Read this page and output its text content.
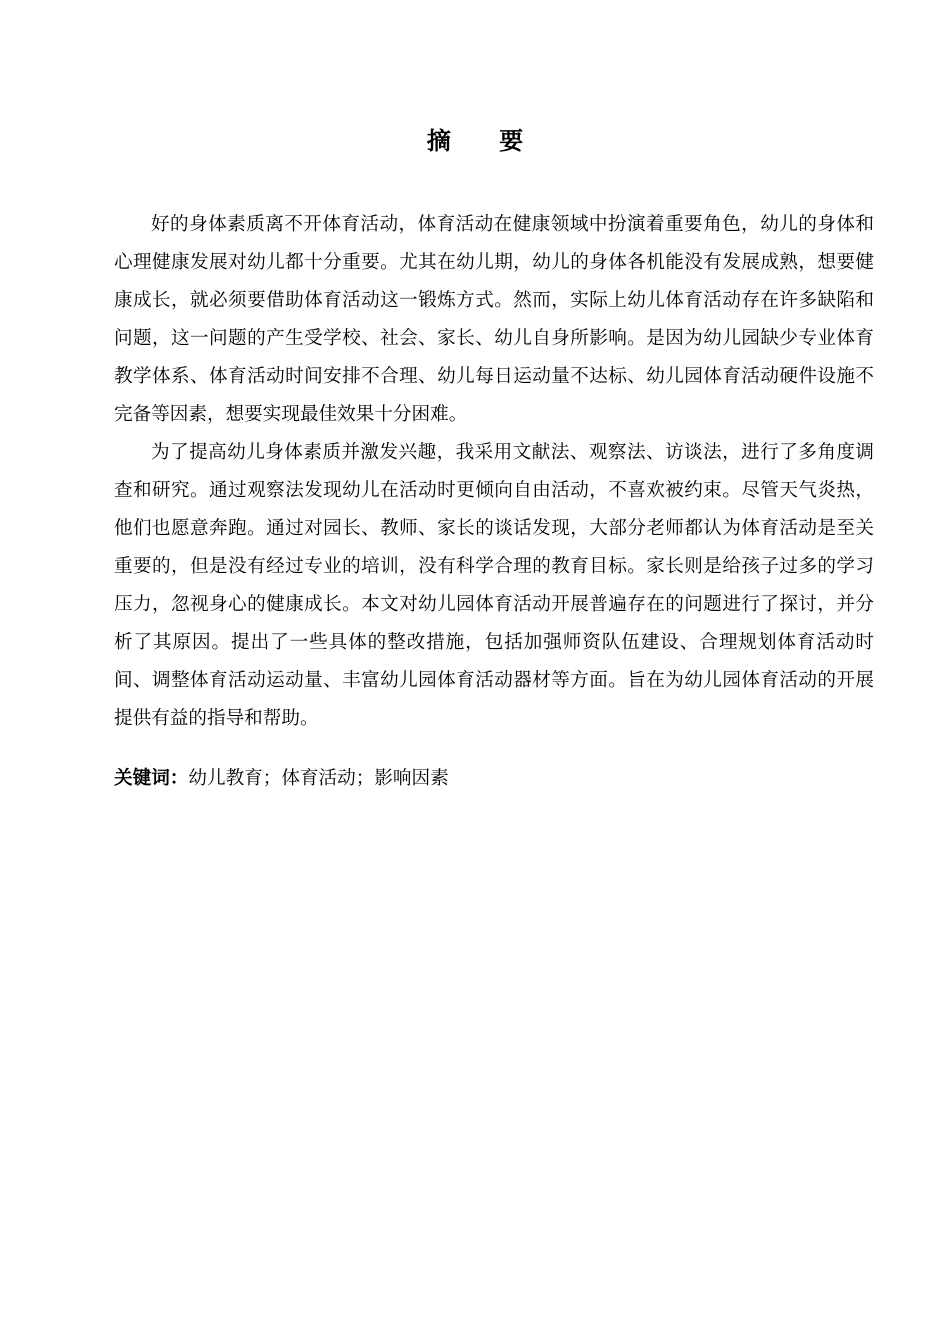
摘 要

好的身体素质离不开体育活动，体育活动在健康领域中扮演着重要角色，幼儿的身体和心理健康发展对幼儿都十分重要。尤其在幼儿期，幼儿的身体各机能没有发展成熟，想要健康成长，就必须要借助体育活动这一锻炼方式。然而，实际上幼儿体育活动存在许多缺陷和问题，这一问题的产生受学校、社会、家长、幼儿自身所影响。是因为幼儿园缺少专业体育教学体系、体育活动时间安排不合理、幼儿每日运动量不达标、幼儿园体育活动硬件设施不完备等因素，想要实现最佳效果十分困难。

为了提高幼儿身体素质并激发兴趣，我采用文献法、观察法、访谈法，进行了多角度调查和研究。通过观察法发现幼儿在活动时更倾向自由活动，不喜欢被约束。尽管天气炎热，他们也愿意奔跑。通过对园长、教师、家长的谈话发现，大部分老师都认为体育活动是至关重要的，但是没有经过专业的培训，没有科学合理的教育目标。家长则是给孩子过多的学习压力，忽视身心的健康成长。本文对幼儿园体育活动开展普遍存在的问题进行了探讨，并分析了其原因。提出了一些具体的整改措施，包括加强师资队伍建设、合理规划体育活动时间、调整体育活动运动量、丰富幼儿园体育活动器材等方面。旨在为幼儿园体育活动的开展提供有益的指导和帮助。

关键词：幼儿教育；体育活动；影响因素
